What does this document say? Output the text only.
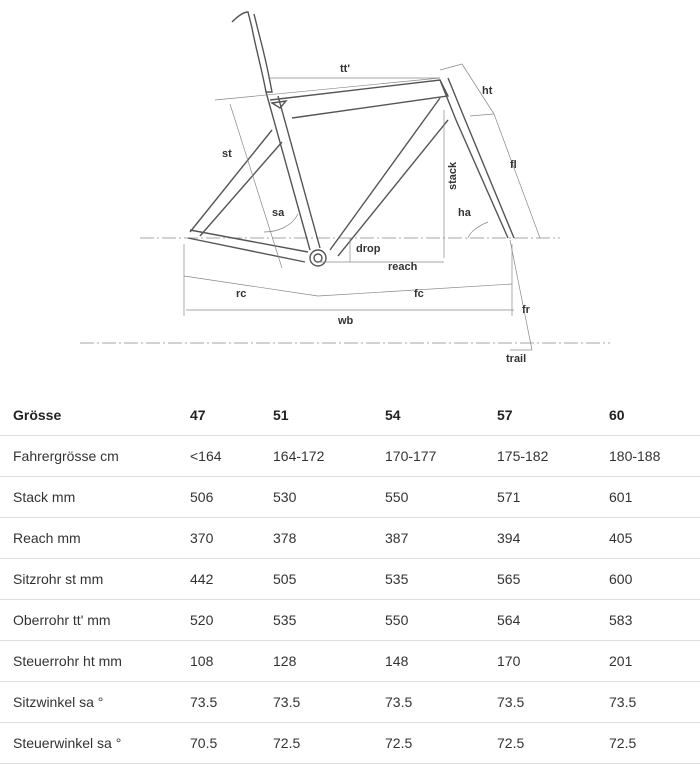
tt'
ht
st
stack	fl
sa	ha
drop
reach
rc	fc
wb
fr
trail
Grösse	47	51	54	57	60
Fahrergrösse cm	<164	164-172	170-177	175-182	180-188
Stack mm	506	530	550	571	601
Reach mm	370	378	387	394	405
Sitzrohr st mm	442	505	535	565	600
Oberrohr tt' mm	520	535	550	564	583
Steuerrohr ht mm	108	128	148	170	201
Sitzwinkel sa °	73.5	73.5	73.5	73.5	73.5
Steuerwinkel sa °	70.5	72.5	72.5	72.5	72.5
